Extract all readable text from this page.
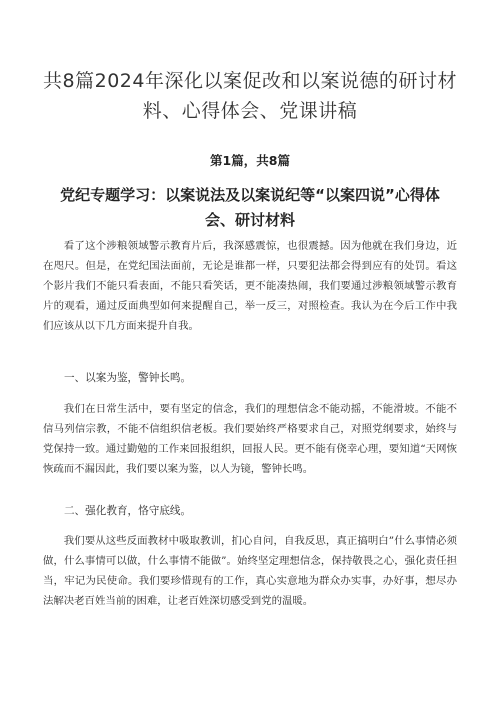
共8篇2024年深化以案促改和以案说德的研讨材料、心得体会、党课讲稿
第1篇，共8篇
党纪专题学习：以案说法及以案说纪等“以案四说”心得体会、研讨材料

看了这个涉粮领域警示教育片后，我深感震惊，也很震撼。因为他就在我们身边，近在咫尺。但是，在党纪国法面前，无论是谁都一样，只要犯法都会得到应有的处罚。看这个影片我们不能只看表面，不能只看笑话，更不能凑热闹，我们要通过涉粮领域警示教育片的观看，通过反面典型如何来提醒自己，举一反三，对照检查。我认为在今后工作中我们应该从以下几方面来提升自我。

一、以案为鉴，警钟长鸣。

我们在日常生活中，要有坚定的信念，我们的理想信念不能动摇，不能滑坡。不能不信马列信宗教，不能不信组织信老板。我们要始终严格要求自己，对照党纲要求，始终与党保持一致。通过勤勉的工作来回报组织，回报人民。更不能有侥幸心理，要知道“天网恢恢疏而不漏因此，我们要以案为鉴，以人为镜，警钟长鸣。

二、强化教育，恪守底线。

我们要从这些反面教材中吸取教训，扪心自问，自我反思，真正搞明白”什么事情必须做，什么事情可以做，什么事情不能做”。始终坚定理想信念，保持敬畏之心，强化责任担当，牢记为民使命。我们要珍惜现有的工作，真心实意地为群众办实事，办好事，想尽办法解决老百姓当前的困难，让老百姓深切感受到党的温暖。
